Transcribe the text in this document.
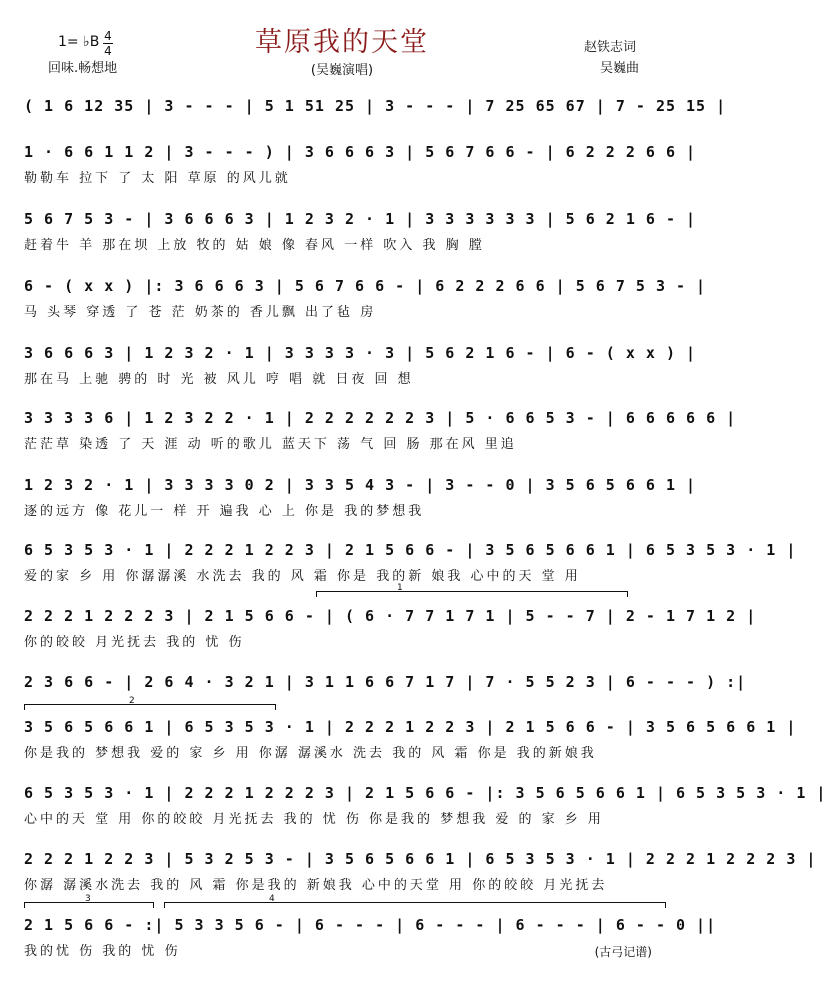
草原我的天堂
(吴巍演唱)
1= ♭B 4
4
回味.畅想地
赵铁志词
吴巍曲
( 1 6 12 35 | 3 - - - | 5 1 51 25 | 3 - - - | 7 25 65 67 | 7 - 25 15 |
1 · 6 6 1 1 2 | 3 - - - ) | 3 6 6 6 3 | 5 6 7 6 6 - | 6 2 2 2 6 6 |
勒勒车 拉下 了 太 阳 草原 的风儿就
5 6 7 5 3 - | 3 6 6 6 3 | 1 2 3 2 · 1 | 3 3 3 3 3 3 | 5 6 2 1 6 - |
赶着牛 羊 那在坝 上放 牧的 姑 娘 像 春风 一样 吹入 我 胸 膛
6 - ( x x ) |: 3 6 6 6 3 | 5 6 7 6 6 - | 6 2 2 2 6 6 | 5 6 7 5 3 - |
马 头琴 穿透 了 苍 茫 奶茶的 香儿飘 出了毡 房
3 6 6 6 3 | 1 2 3 2 · 1 | 3 3 3 3 · 3 | 5 6 2 1 6 - | 6 - ( x x ) |
那在马 上驰 骋的 时 光 被 风儿 哼 唱 就 日夜 回 想
3 3 3 3 6 | 1 2 3 2 2 · 1 | 2 2 2 2 2 2 3 | 5 · 6 6 5 3 - | 6 6 6 6 6 |
茫茫草 染透 了 天 涯 动 听的歌儿 蓝天下 荡 气 回 肠 那在风 里追
1 2 3 2 · 1 | 3 3 3 3 0 2 | 3 3 5 4 3 - | 3 - - 0 | 3 5 6 5 6 6 1 |
逐的远方 像 花儿一 样 开 遍我 心 上 你是 我的梦想我
6 5 3 5 3 · 1 | 2 2 2 1 2 2 3 | 2 1 5 6 6 - | 3 5 6 5 6 6 1 | 6 5 3 5 3 · 1 |
爱的家 乡 用 你潺潺溪 水洗去 我的 风 霜 你是 我的新 娘我 心中的天 堂 用
1
2 2 2 1 2 2 2 3 | 2 1 5 6 6 - | ( 6 · 7 7 1 7 1 | 5 - - 7 | 2 - 1 7 1 2 |
你的皎皎 月光抚去 我的 忧 伤
2 3 6 6 - | 2 6 4 · 3 2 1 | 3 1 1 6 6 7 1 7 | 7 · 5 5 2 3 | 6 - - - ) :|
2
3 5 6 5 6 6 1 | 6 5 3 5 3 · 1 | 2 2 2 1 2 2 3 | 2 1 5 6 6 - | 3 5 6 5 6 6 1 |
你是我的 梦想我 爱的 家 乡 用 你潺 潺溪水 洗去 我的 风 霜 你是 我的新娘我
6 5 3 5 3 · 1 | 2 2 2 1 2 2 2 3 | 2 1 5 6 6 - |: 3 5 6 5 6 6 1 | 6 5 3 5 3 · 1 |
心中的天 堂 用 你的皎皎 月光抚去 我的 忧 伤 你是我的 梦想我 爱 的 家 乡 用
2 2 2 1 2 2 3 | 5 3 2 5 3 - | 3 5 6 5 6 6 1 | 6 5 3 5 3 · 1 | 2 2 2 1 2 2 2 3 |
你潺 潺溪水洗去 我的 风 霜 你是我的 新娘我 心中的天堂 用 你的皎皎 月光抚去
3	4
2 1 5 6 6 - :| 5 3 3 5 6 - | 6 - - - | 6 - - - | 6 - - - | 6 - - 0 ||
我的忧 伤 我的 忧 伤	(古弓记谱)
